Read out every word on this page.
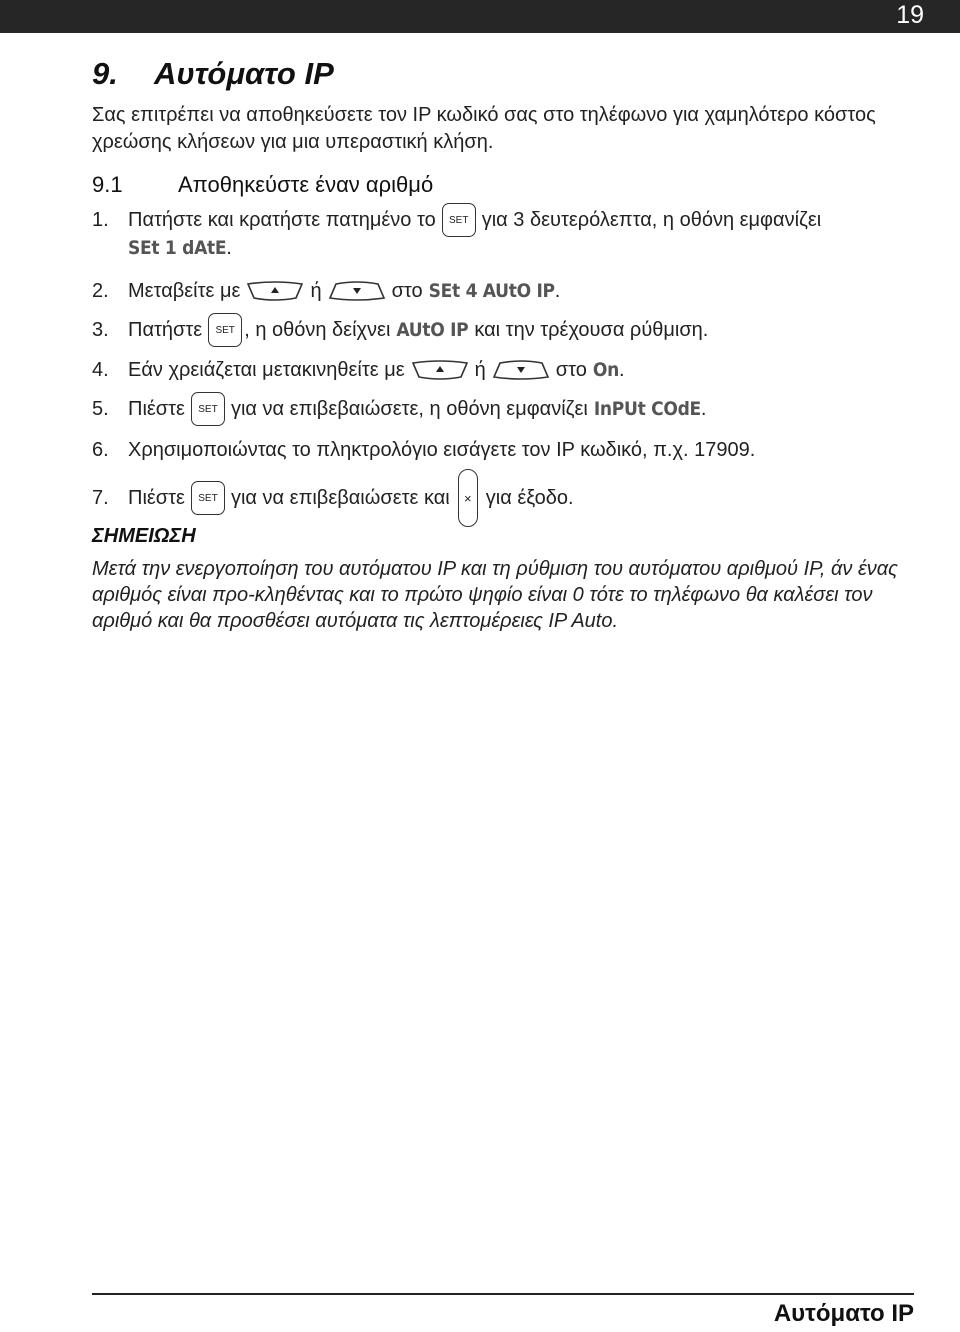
19
9. Αυτόματο IP

Σας επιτρέπει να αποθηκεύσετε τον IP κωδικό σας στο τηλέφωνο για χαμηλότερο κόστος χρεώσης κλήσεων για μια υπεραστική κλήση.

9.1	Αποθηκεύστε έναν αριθμό
1. Πατήστε και κρατήστε πατημένο το	SET για 3 δευτερόλεπτα, η οθόνη εμφανίζει
SEt 1 dAtE .
2. Μεταβείτε με	ή	στο SEt 4 AUtO IP .
3. Πατήστε	SET , η οθόνη δείχνει AUtO IP και την τρέχουσα ρύθμιση.
4. Εάν χρειάζεται μετακινηθείτε με	ή	στο On .
5. Πιέστε	SET για να επιβεβαιώσετε, η οθόνη εμφανίζει InPUt COdE .
6. Χρησιμοποιώντας το πληκτρολόγιο εισάγετε τον IP κωδικό, π.χ. 17909.
7. Πιέστε	SET για να επιβεβαιώσετε και	× για έξοδο.

ΣΗΜΕΙΩΣΗ

Μετά την ενεργοποίηση του αυτόματου IP και τη ρύθμιση του αυτόματου αριθμού IP, άν ένας αριθμός είναι προ-κληθέντας και το πρώτο ψηφίο είναι 0 τότε το τηλέφωνο θα καλέσει τον αριθμό και θα προσθέσει αυτόματα τις λεπτομέρειες IP Auto.

Αυτόματο IP
